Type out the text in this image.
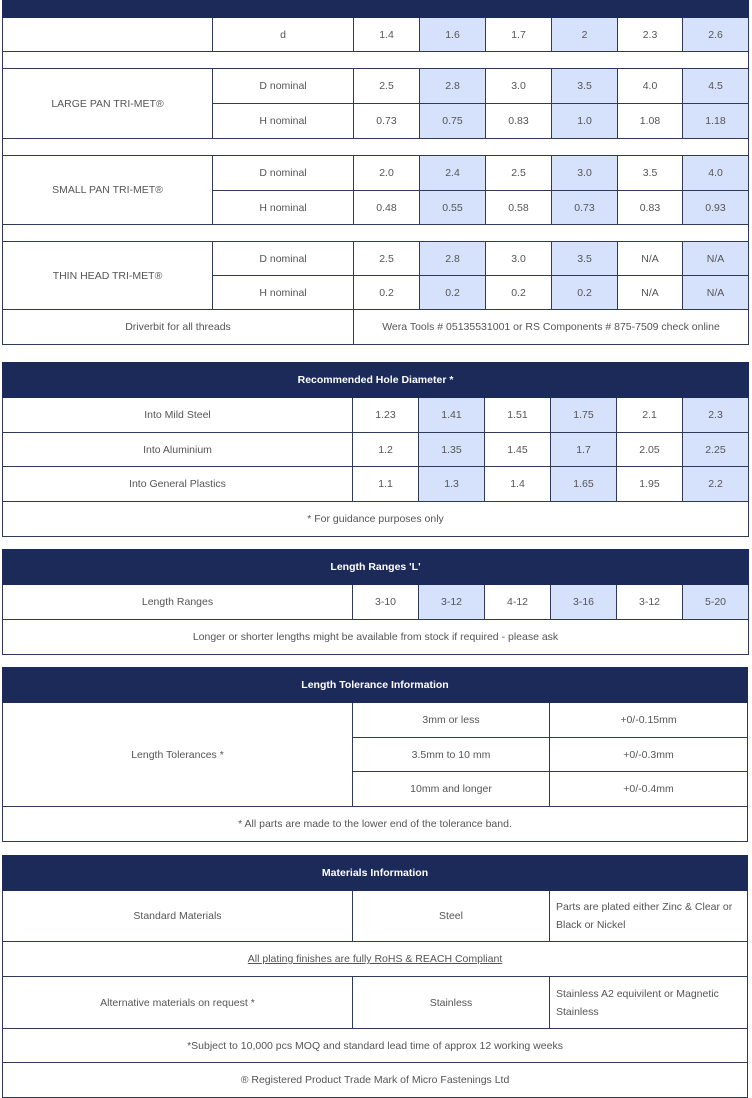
	d	1.4	1.6	1.7	2	2.3	2.6

LARGE PAN TRI-MET®	D nominal	2.5	2.8	3.0	3.5	4.0	4.5
	H nominal	0.73	0.75	0.83	1.0	1.08	1.18

SMALL PAN TRI-MET®	D nominal	2.0	2.4	2.5	3.0	3.5	4.0
	H nominal	0.48	0.55	0.58	0.73	0.83	0.93

THIN HEAD TRI-MET®	D nominal	2.5	2.8	3.0	3.5	N/A	N/A
	H nominal	0.2	0.2	0.2	0.2	N/A	N/A
Driverbit for all threads		Wera Tools # 05135531001 or RS Components # 875-7509 check online					
Recommended Hole Diameter *						
Into Mild Steel	1.23	1.41	1.51	1.75	2.1	2.3
Into Aluminium	1.2	1.35	1.45	1.7	2.05	2.25
Into General Plastics	1.1	1.3	1.4	1.65	1.95	2.2
* For guidance purposes only						
Length Ranges 'L'
Length Ranges	3-10	3-12	4-12	3-16	3-12	5-20
Longer or shorter lengths might be available from stock if required - please ask
Length Tolerance Information		
Length Tolerances *	3mm or less	+0/-0.15mm
	3.5mm to 10 mm	+0/-0.3mm
	10mm and longer	+0/-0.4mm
* All parts are made to the lower end of the tolerance band.		
Materials Information		
Standard Materials	Steel	Parts are plated either Zinc & Clear or Black or Nickel
All plating finishes are fully RoHS & REACH Compliant		
Alternative materials on request *	Stainless	Stainless A2 equivilent or Magnetic Stainless
*Subject to 10,000 pcs MOQ and standard lead time of approx 12 working weeks		
® Registered Product Trade Mark of Micro Fastenings Ltd		
